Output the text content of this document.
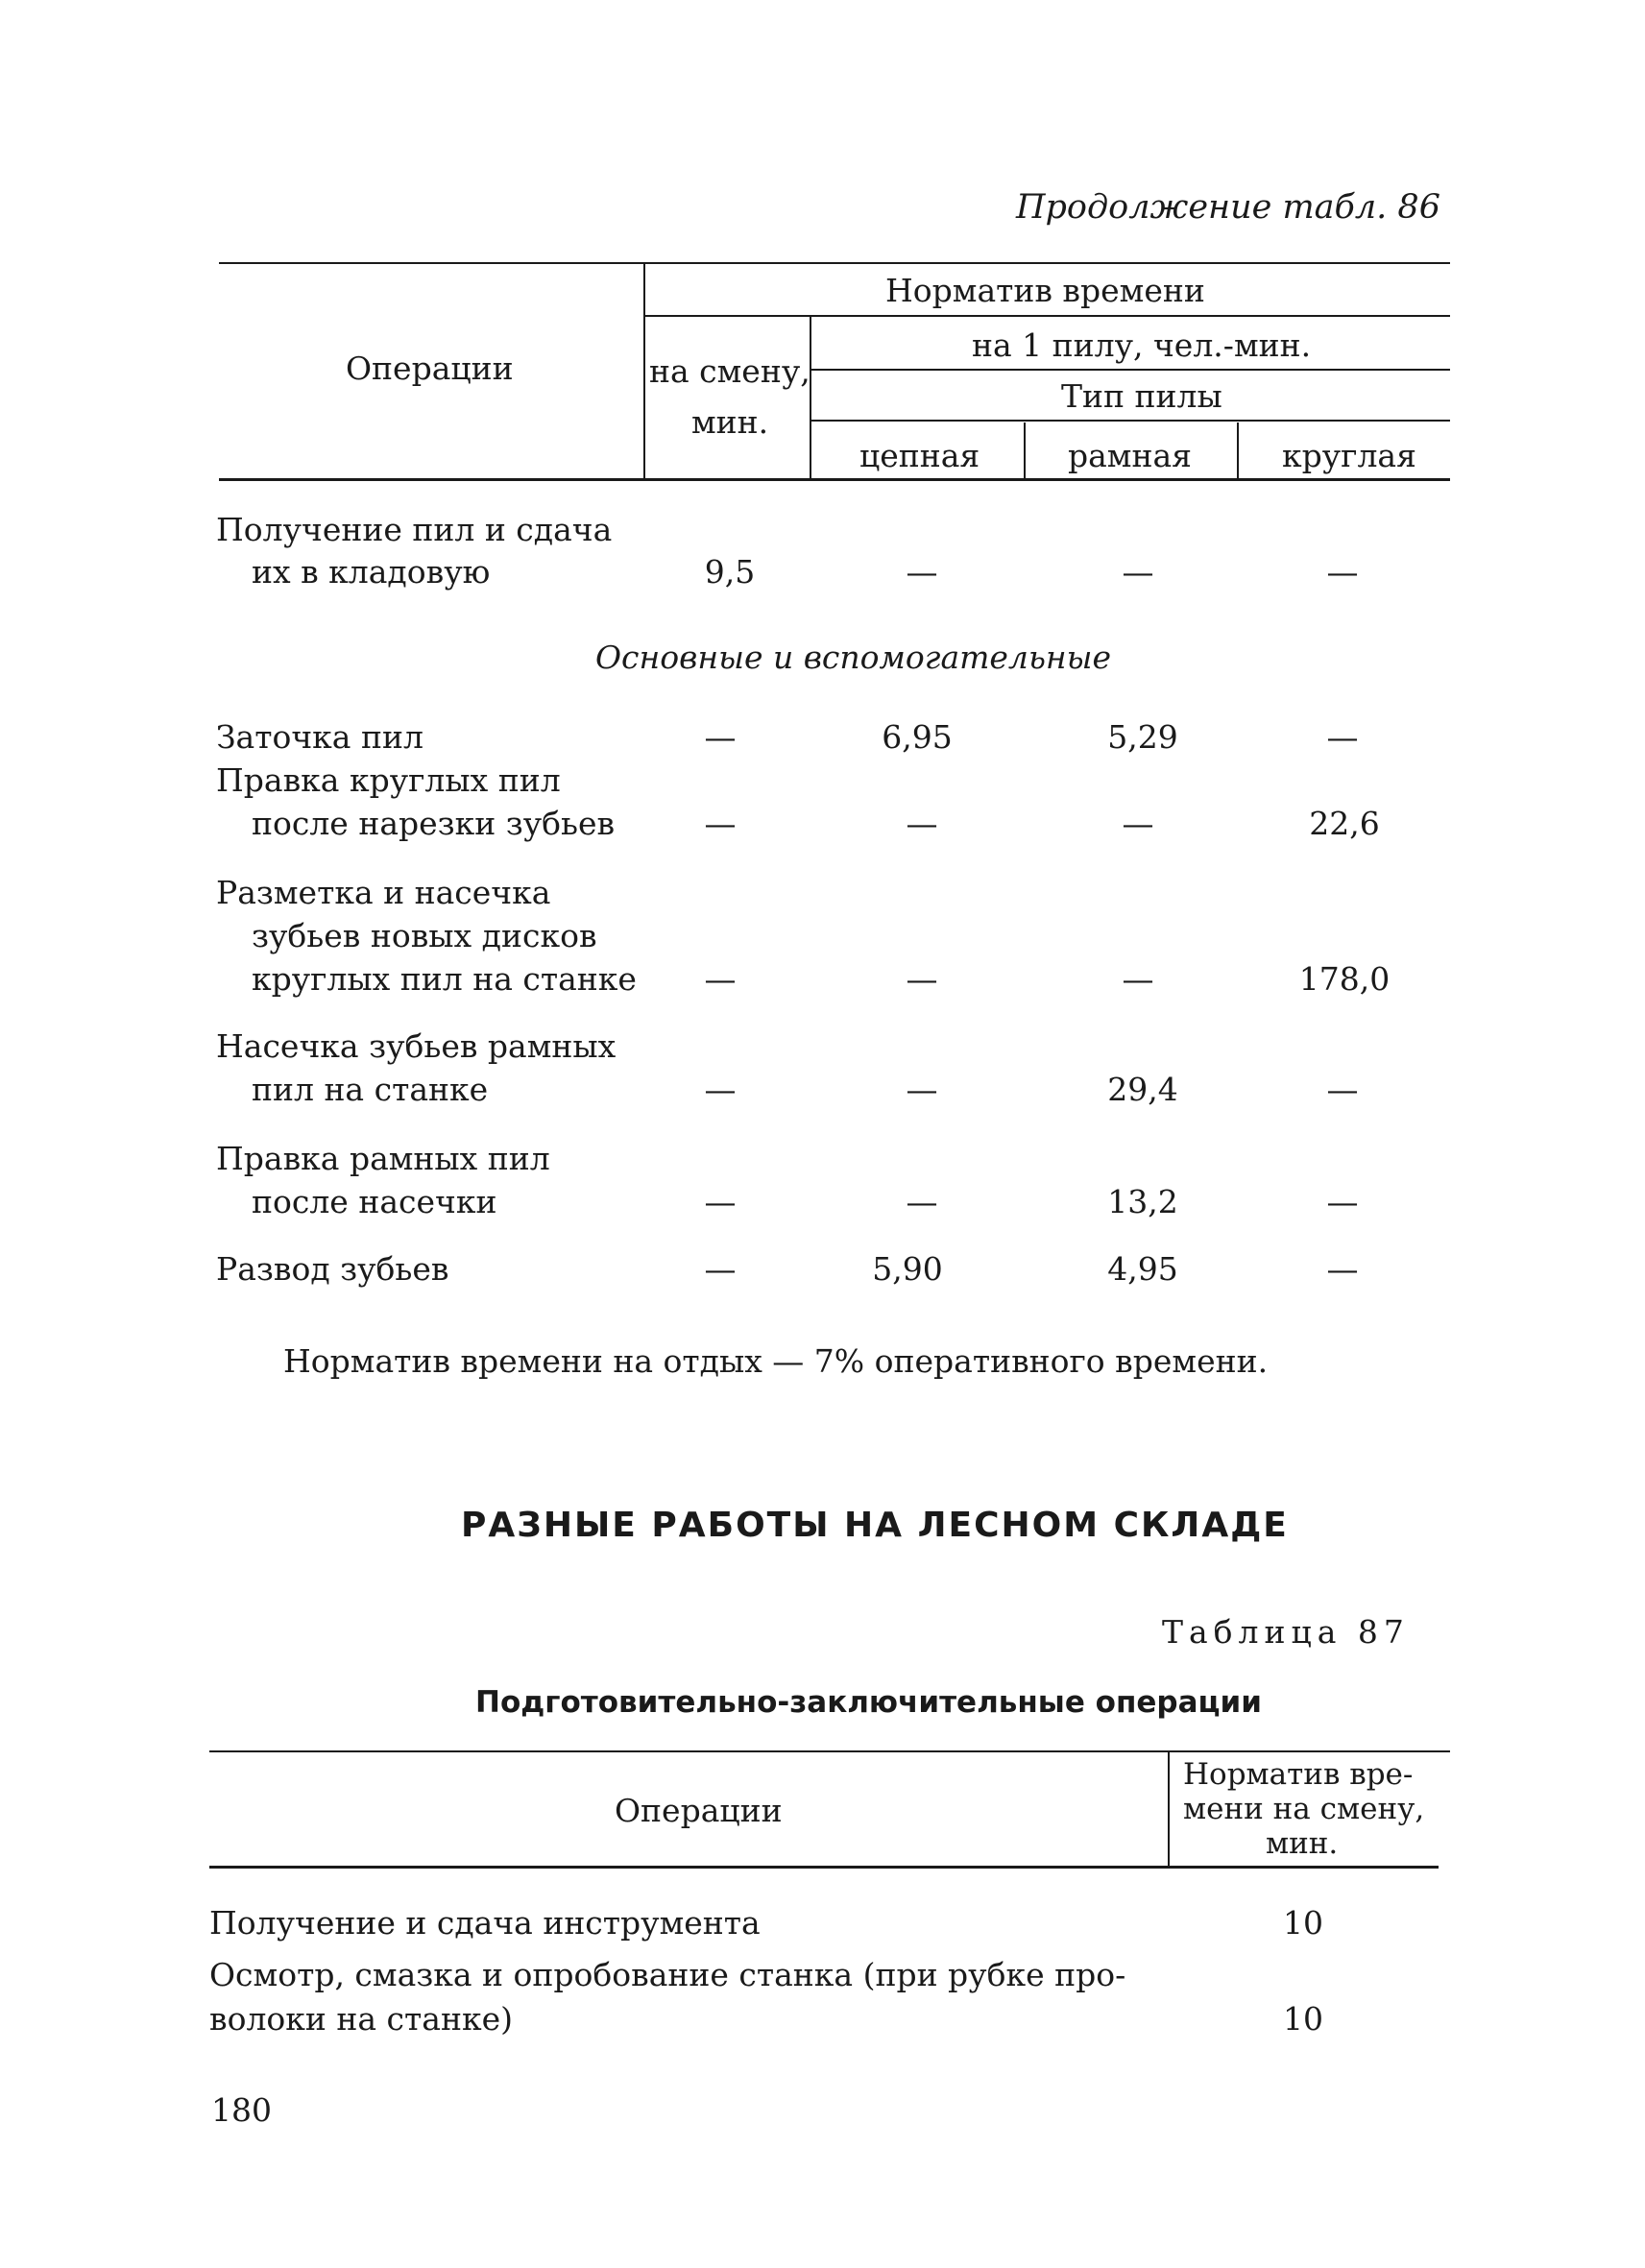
Продолжение табл. 86
Операции
Норматив времени
на смену,
мин.
на 1 пилу, чел.-мин.
Тип пилы
цепная	рамная	круглая
Получение пил и сдача
их в кладовую	9,5	—	—	—
Основные и вспомогательные
Заточка пил	—	6,95	5,29	—
Правка круглых пил
после нарезки зубьев	—	—	—	22,6
Разметка и насечка
зубьев новых дисков
круглых пил на станке	—	—	—	178,0
Насечка зубьев рамных
пил на станке	—	—	29,4	—
Правка рамных пил
после насечки	—	—	13,2	—
Развод зубьев	—	5,90	4,95	—
Норматив времени на отдых — 7% оперативного времени.
РАЗНЫЕ РАБОТЫ НА ЛЕСНОМ СКЛАДЕ
Таблица 87
Подготовительно-заключительные операции
Операции
Норматив вре-
мени на смену,
мин.
Получение и сдача инструмента	10
Осмотр, смазка и опробование станка (при рубке про-
волоки на станке)	10
180
